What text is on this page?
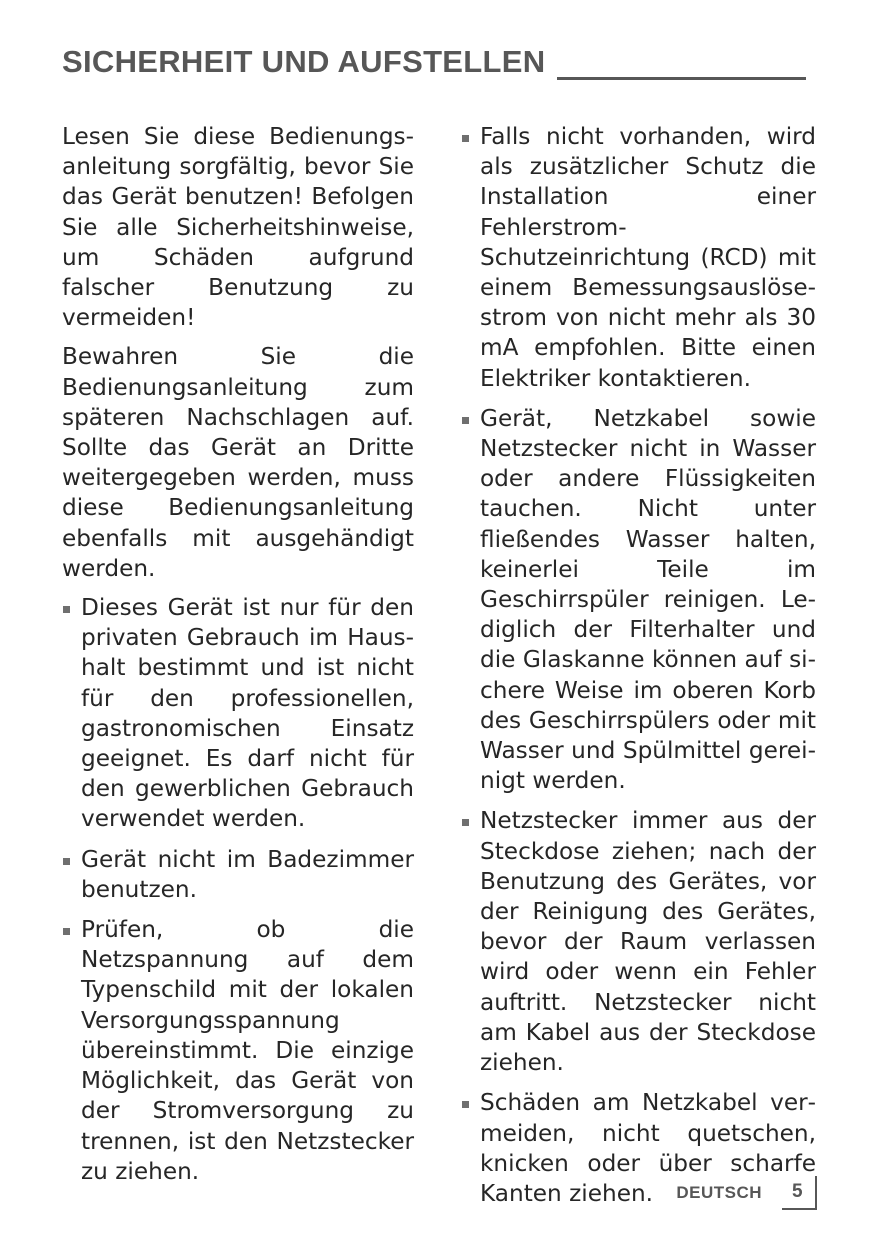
SICHERHEIT UND AUFSTELLEN

Lesen Sie diese Bedienungsanleitung sorgfältig, bevor Sie das Gerät benutzen! Befolgen Sie alle Sicherheitshinweise, um Schäden aufgrund falscher Benutzung zu vermeiden!

Bewahren Sie die Bedienungsanleitung zum späteren Nachschlagen auf. Sollte das Gerät an Dritte weitergegeben werden, muss diese Bedienungsanleitung ebenfalls mit ausgehändigt werden.

Dieses Gerät ist nur für den privaten Gebrauch im Haushalt bestimmt und ist nicht für den professionellen, gastronomischen Einsatz geeignet. Es darf nicht für den gewerblichen Gebrauch verwendet werden.
Gerät nicht im Badezimmer benutzen.
Prüfen, ob die Netzspannung auf dem Typenschild mit der lokalen Versorgungsspannung übereinstimmt. Die einzige Möglichkeit, das Gerät von der Stromversorgung zu trennen, ist den Netzstecker zu ziehen.
Falls nicht vorhanden, wird als zusätzlicher Schutz die Installation einer Fehlerstrom-Schutzeinrichtung (RCD) mit einem Bemessungsauslösestrom von nicht mehr als 30 mA empfohlen. Bitte einen Elektriker kontaktieren.
Gerät, Netzkabel sowie Netzstecker nicht in Wasser oder andere Flüssigkeiten tauchen. Nicht unter fließendes Wasser halten, keinerlei Teile im Geschirrspüler reinigen. Lediglich der Filterhalter und die Glaskanne können auf sichere Weise im oberen Korb des Geschirrspülers oder mit Wasser und Spülmittel gereinigt werden.
Netzstecker immer aus der Steckdose ziehen; nach der Benutzung des Gerätes, vor der Reinigung des Gerätes, bevor der Raum verlassen wird oder wenn ein Fehler auftritt. Netzstecker nicht am Kabel aus der Steckdose ziehen.
Schäden am Netzkabel vermeiden, nicht quetschen, knicken oder über scharfe Kanten ziehen.	DEUTSCH	5
